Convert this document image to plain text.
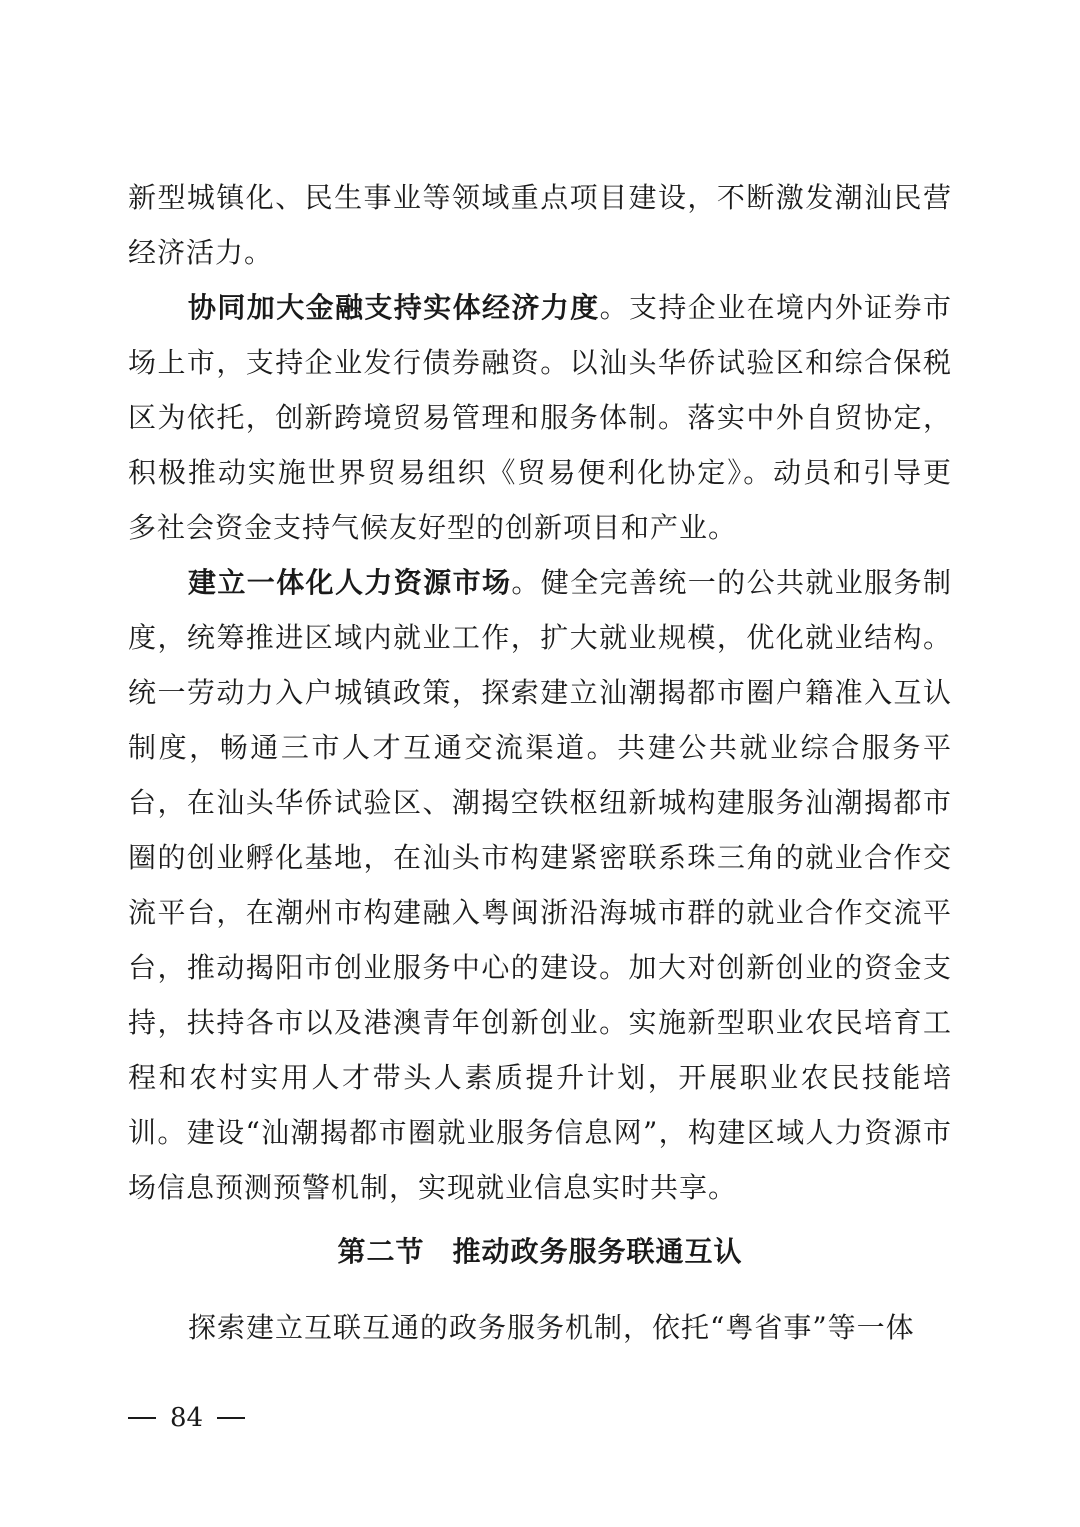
新型城镇化、民生事业等领域重点项目建设，不断激发潮汕民营经济活力。

协同加大金融支持实体经济力度。支持企业在境内外证券市场上市，支持企业发行债券融资。以汕头华侨试验区和综合保税区为依托，创新跨境贸易管理和服务体制。落实中外自贸协定，积极推动实施世界贸易组织《贸易便利化协定》。动员和引导更多社会资金支持气候友好型的创新项目和产业。

建立一体化人力资源市场。健全完善统一的公共就业服务制度，统筹推进区域内就业工作，扩大就业规模，优化就业结构。统一劳动力入户城镇政策，探索建立汕潮揭都市圈户籍准入互认制度，畅通三市人才互通交流渠道。共建公共就业综合服务平台，在汕头华侨试验区、潮揭空铁枢纽新城构建服务汕潮揭都市圈的创业孵化基地，在汕头市构建紧密联系珠三角的就业合作交流平台，在潮州市构建融入粤闽浙沿海城市群的就业合作交流平台，推动揭阳市创业服务中心的建设。加大对创新创业的资金支持，扶持各市以及港澳青年创新创业。实施新型职业农民培育工程和农村实用人才带头人素质提升计划，开展职业农民技能培训。建设“汕潮揭都市圈就业服务信息网”，构建区域人力资源市场信息预测预警机制，实现就业信息实时共享。

第二节 推动政务服务联通互认

探索建立互联互通的政务服务机制，依托“粤省事”等一体

84
